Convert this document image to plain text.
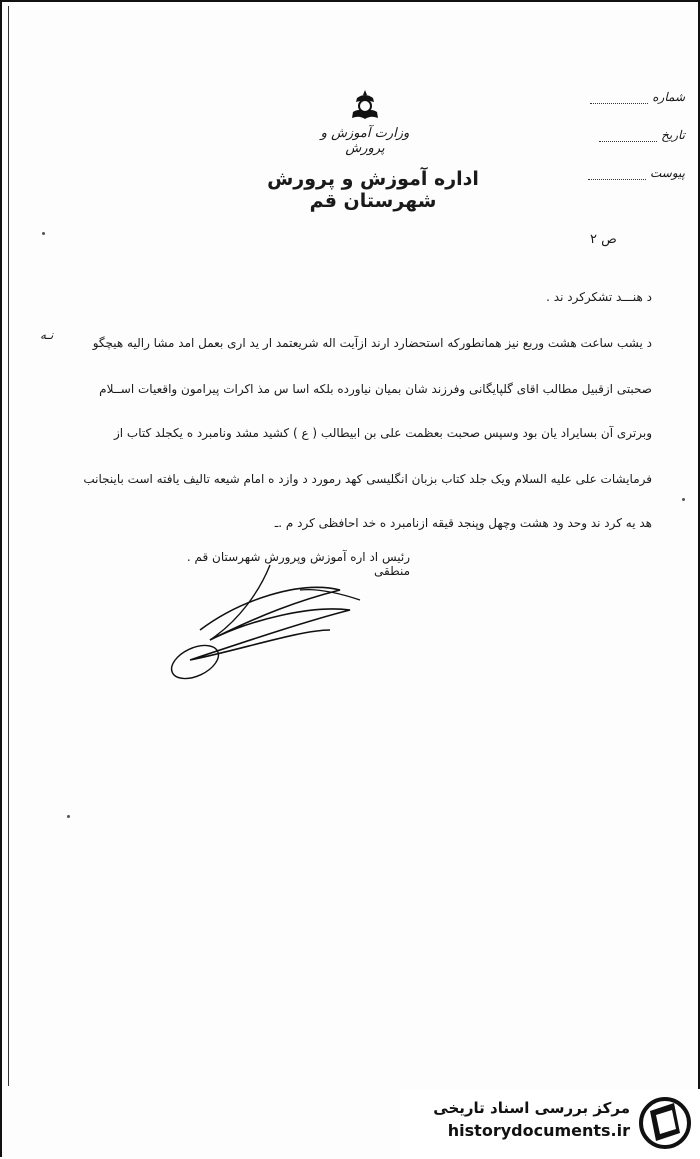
وزارت آموزش و پرورش
اداره آموزش و پرورش شهرستان قم
شماره
تاریخ
پیوست
ص ۲
د هنـــد تشکرکرد ند .
د یشب ساعت هشت وربع نیز همانطورکه استحضارد ارند ازآیت اله شریعتمد ار ید اری بعمل امد مشا رالیه هیچگو
صحبتی ازقبیل مطالب اقای گلپایگانی وفرزند شان بمیان نیاورده بلکه اسا س مذ اکرات پیرامون واقعیات اســلام
وبرتری آن بسایراد یان بود وسپس صحبت بعظمت علی بن ابیطالب ( ع ) کشید مشد ونامبرد ه یکجلد کتاب از
فرمایشات علی علیه السلام ویک جلد کتاب بزبان انگلیسی کهد رمورد د وازد ه امام شیعه تالیف یافته است باینجانب
هد یه کرد ند وحد ود هشت وچهل وپنجد قیقه ازنامبرد ه خد احافظی کرد م .ـ
نـه
رئیس اد اره آموزش وپرورش شهرستان قم . منطقی
مرکز بررسی اسناد تاریخی
historydocuments.ir
